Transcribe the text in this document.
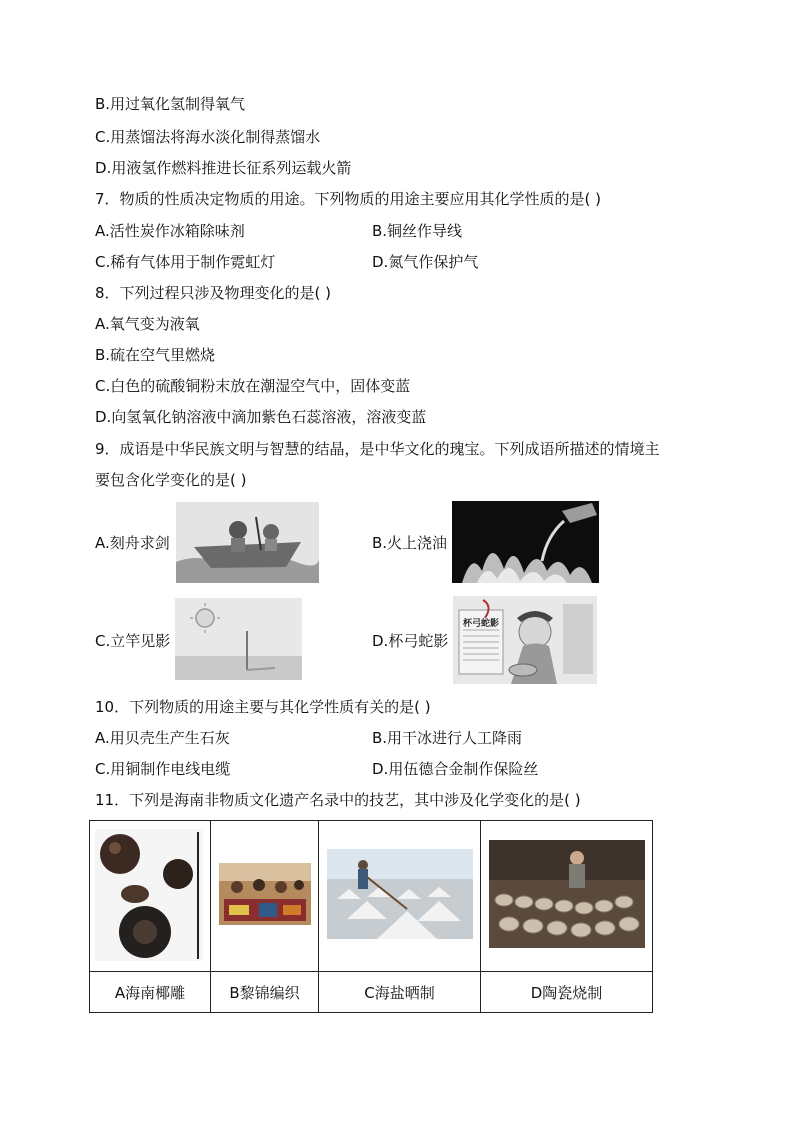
B.用过氧化氢制得氧气
C.用蒸馏法将海水淡化制得蒸馏水
D.用液氢作燃料推进长征系列运载火箭
7．物质的性质决定物质的用途。下列物质的用途主要应用其化学性质的是( )
A.活性炭作冰箱除味剂	B.铜丝作导线
C.稀有气体用于制作霓虹灯	D.氮气作保护气
8．下列过程只涉及物理变化的是( )
A.氧气变为液氧
B.硫在空气里燃烧
C.白色的硫酸铜粉末放在潮湿空气中，固体变蓝
D.向氢氧化钠溶液中滴加紫色石蕊溶液，溶液变蓝
9．成语是中华民族文明与智慧的结晶，是中华文化的瑰宝。下列成语所描述的情境主
要包含化学变化的是( )
A.刻舟求剑	B.火上浇油
C.立竿见影	D.杯弓蛇影
杯弓蛇影
10．下列物质的用途主要与其化学性质有关的是( )
A.用贝壳生产生石灰	B.用干冰进行人工降雨
C.用铜制作电线电缆	D.用伍德合金制作保险丝
11．下列是海南非物质文化遗产名录中的技艺，其中涉及化学变化的是( )

A海南椰雕	B黎锦编织	C海盐晒制	D陶瓷烧制
